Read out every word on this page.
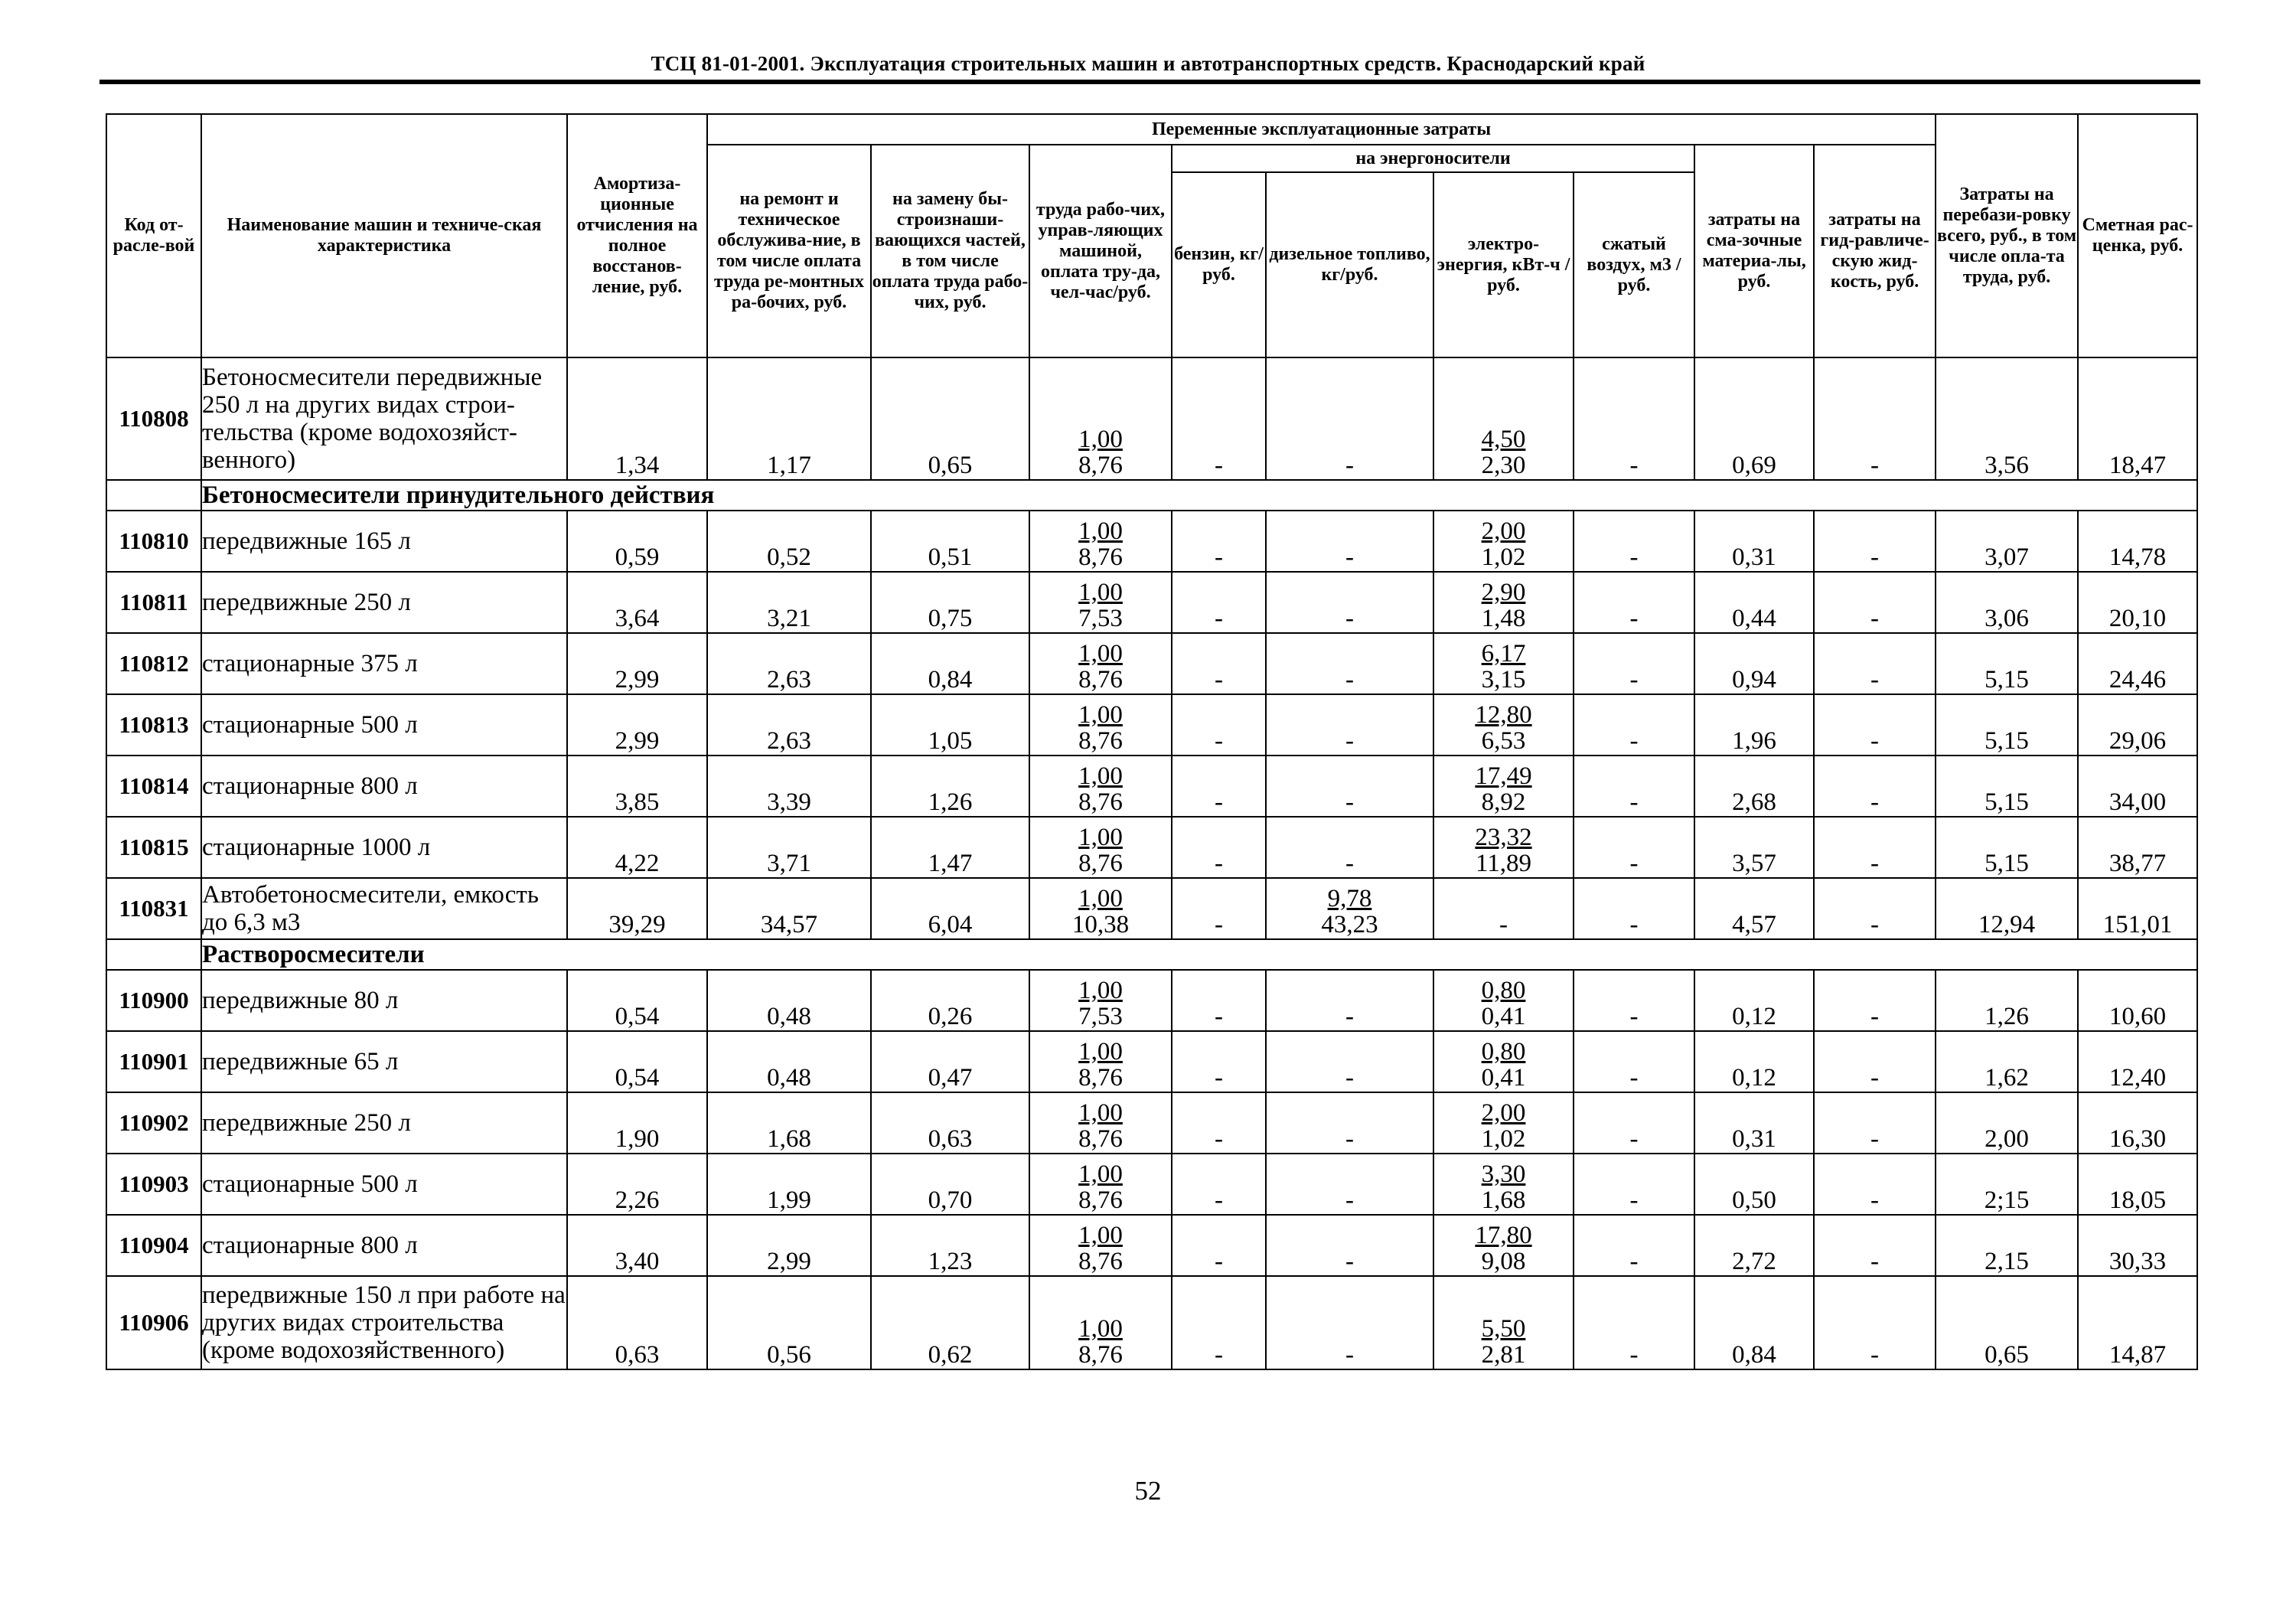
ТСЦ 81-01-2001. Эксплуатация строительных машин и автотранспортных средств. Краснодарский край
Код от-расле-вой	Наименование машин и техниче-ская характеристика	Амортиза-ционные отчисления на полное восстанов-ление, руб.	Переменные эксплуатационные затраты									Затраты на перебази-ровку всего, руб., в том числе опла-та труда, руб.	Сметная рас-ценка, руб.

на ремонт и техническое обслужива-ние, в том числе оплата труда ре-монтных ра-бочих, руб.	на замену бы-строизнаши-вающихся частей, в том числе оплата труда рабо-чих, руб.	труда рабо-чих, управ-ляющих машиной, оплата тру-да, чел-час/руб.	на энергоносители				затраты на сма-зочные материа-лы, руб.	затраты на гид-равличе-скую жид-кость, руб.		

бензин, кг/руб.	дизельное топливо, кг/руб.	электро-энергия, кВт-ч / руб.	сжатый воздух, м3 / руб.				

110808	Бетоносмесители передвижные 250 л на других видах строи-тельства (кроме водохозяйст-венного)	1,34	1,17	0,65	$\frac{1,00}{8,76}$	-	-	$\frac{4,50}{2,30}$	-	0,69	-	3,56	18,47
	Бетоносмесители принудительного действия												
110810	передвижные 165 л	0,59	0,52	0,51	$\frac{1,00}{8,76}$	-	-	$\frac{2,00}{1,02}$	-	0,31	-	3,07	14,78
110811	передвижные 250 л	3,64	3,21	0,75	$\frac{1,00}{7,53}$	-	-	$\frac{2,90}{1,48}$	-	0,44	-	3,06	20,10
110812	стационарные 375 л	2,99	2,63	0,84	$\frac{1,00}{8,76}$	-	-	$\frac{6,17}{3,15}$	-	0,94	-	5,15	24,46
110813	стационарные 500 л	2,99	2,63	1,05	$\frac{1,00}{8,76}$	-	-	$\frac{12,80}{6,53}$	-	1,96	-	5,15	29,06
110814	стационарные 800 л	3,85	3,39	1,26	$\frac{1,00}{8,76}$	-	-	$\frac{17,49}{8,92}$	-	2,68	-	5,15	34,00
110815	стационарные 1000 л	4,22	3,71	1,47	$\frac{1,00}{8,76}$	-	-	$\frac{23,32}{11,89}$	-	3,57	-	5,15	38,77
110831	Автобетоносмесители, емкость до 6,3 м3	39,29	34,57	6,04	$\frac{1,00}{10,38}$	-	$\frac{9,78}{43,23}$	-	-	4,57	-	12,94	151,01
	Растворосмесители												
110900	передвижные 80 л	0,54	0,48	0,26	$\frac{1,00}{7,53}$	-	-	$\frac{0,80}{0,41}$	-	0,12	-	1,26	10,60
110901	передвижные 65 л	0,54	0,48	0,47	$\frac{1,00}{8,76}$	-	-	$\frac{0,80}{0,41}$	-	0,12	-	1,62	12,40
110902	передвижные 250 л	1,90	1,68	0,63	$\frac{1,00}{8,76}$	-	-	$\frac{2,00}{1,02}$	-	0,31	-	2,00	16,30
110903	стационарные 500 л	2,26	1,99	0,70	$\frac{1,00}{8,76}$	-	-	$\frac{3,30}{1,68}$	-	0,50	-	2;15	18,05
110904	стационарные 800 л	3,40	2,99	1,23	$\frac{1,00}{8,76}$	-	-	$\frac{17,80}{9,08}$	-	2,72	-	2,15	30,33
110906	передвижные 150 л при работе на других видах строительства (кроме водохозяйственного)	0,63	0,56	0,62	$\frac{1,00}{8,76}$	-	-	$\frac{5,50}{2,81}$	-	0,84	-	0,65	14,87
52
